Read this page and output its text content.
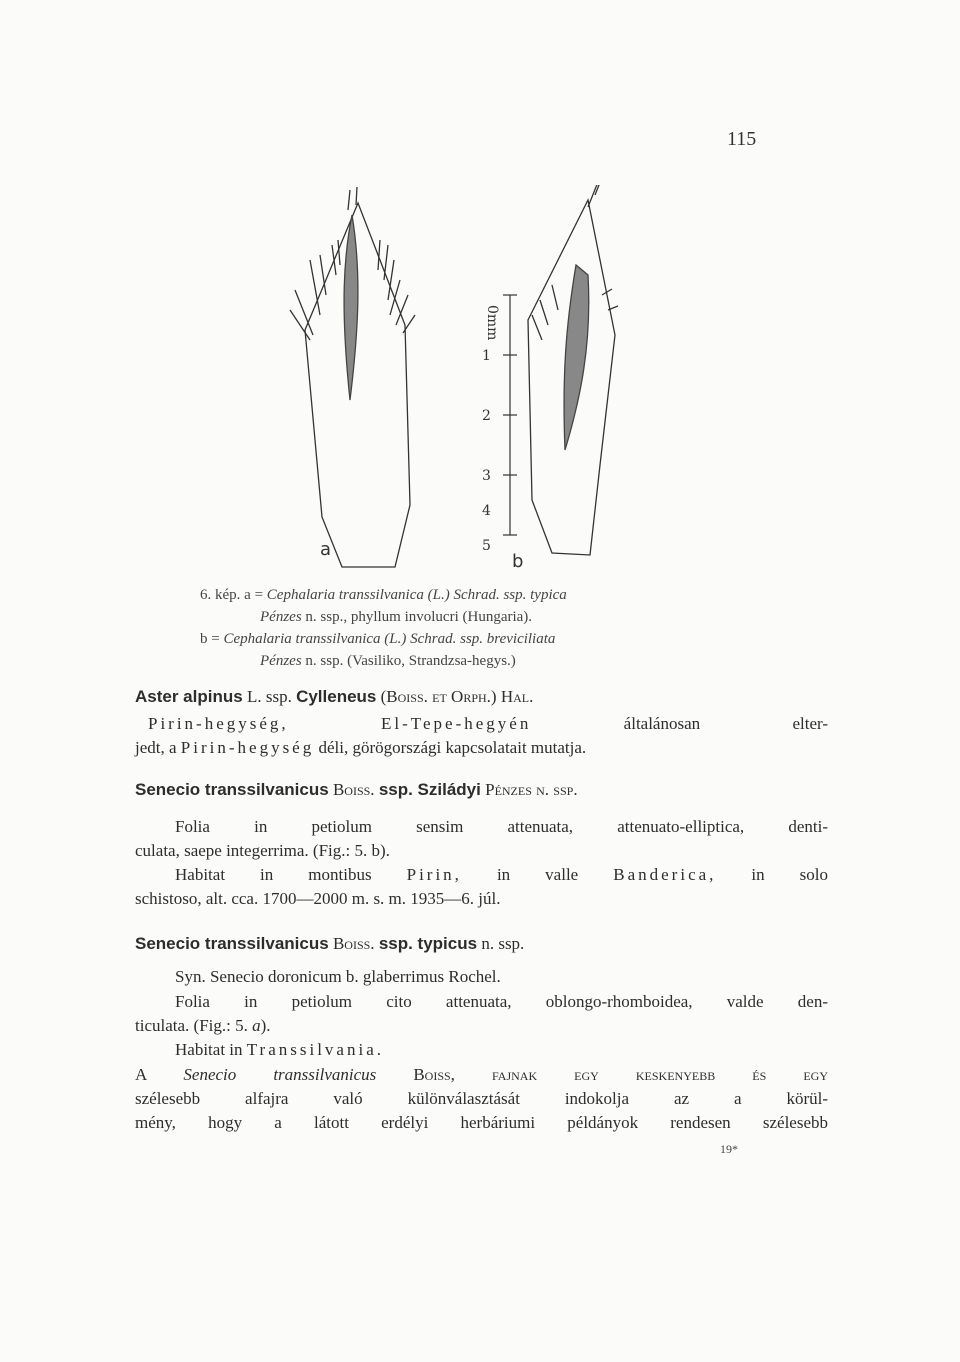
115
0mm
1
2
3
4
5
a
b
6. kép. a = Cephalaria transsilvanica (L.) Schrad. ssp. typica
Pénzes n. ssp., phyllum involucri (Hungaria).
b = Cephalaria transsilvanica (L.) Schrad. ssp. breviciliata
Pénzes n. ssp. (Vasiliko, Strandzsa-hegys.)
Aster alpinus L. ssp. Cylleneus (Boiss. et Orph.) Hal.
Pirin-hegység,	El-Tepe-hegyén általánosan elter-
jedt, a Pirin-hegység déli, görögországi kapcsolatait mutatja.
Senecio transsilvanicus Boiss. ssp. Sziládyi Pénzes n. ssp.
Folia in petiolum sensim attenuata, attenuato-elliptica, denti-
culata, saepe integerrima. (Fig.: 5. b).
Habitat in montibus Pirin, in valle Banderica, in solo
schistoso, alt. cca. 1700—2000 m. s. m. 1935—6. júl.
Senecio transsilvanicus Boiss. ssp. typicus n. ssp.
Syn. Senecio doronicum b. glaberrimus Rochel.
Folia in petiolum cito attenuata, oblongo-rhomboidea, valde den-
ticulata. (Fig.: 5. a).
Habitat in Transsilvania.
A Senecio transsilvanicus Boiss, fajnak egy keskenyebb és egy
szélesebb alfajra való különválasztását indokolja az a körül-
mény, hogy a látott erdélyi herbáriumi példányok rendesen szélesebb
19*
